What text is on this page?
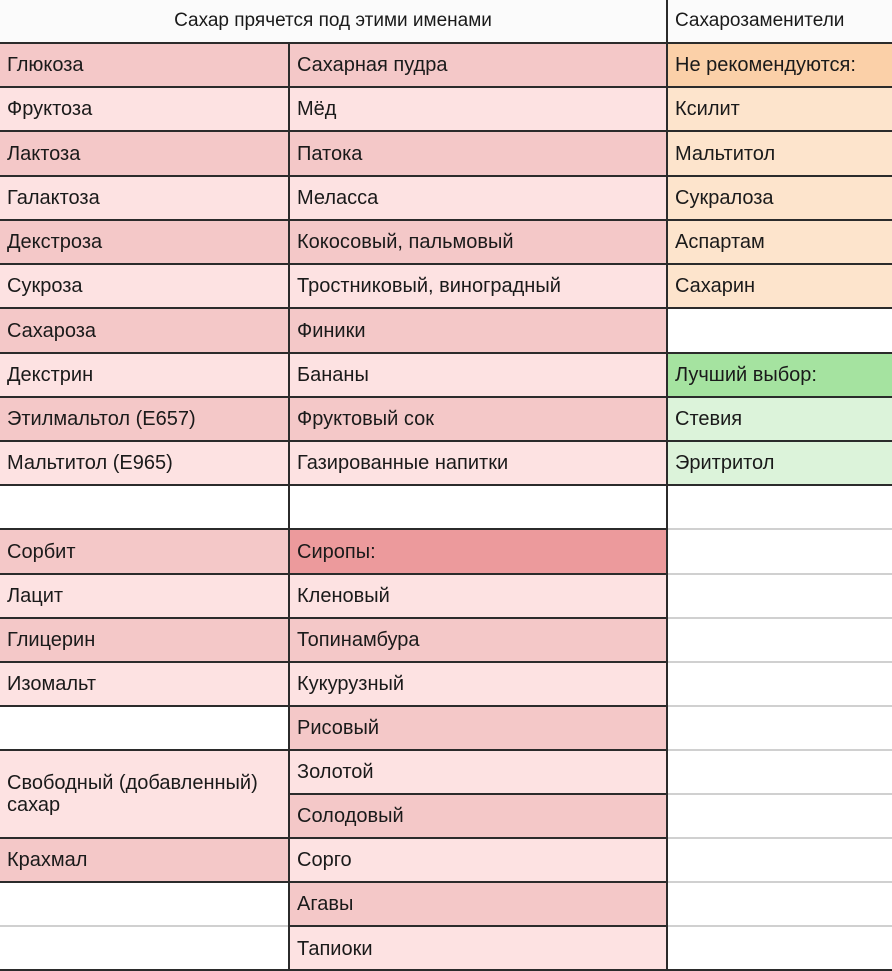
Сахар прячется под этими именами	Сахарозаменители
Глюкоза
Фруктоза
Лактоза
Галактоза
Декстроза
Сукроза
Сахароза
Декстрин
Этилмальтол (Е657)
Мальтитол (Е965)
Сорбит
Лацит
Глицерин
Изомальт
Свободный (добавленный) сахар
Крахмал
Сахарная пудра
Мёд
Патока
Меласса
Кокосовый, пальмовый
Тростниковый, виноградный
Финики
Бананы
Фруктовый сок
Газированные напитки
Сиропы:
Кленовый
Топинамбура
Кукурузный
Рисовый
Золотой
Солодовый
Сорго
Агавы
Тапиоки
Не рекомендуются:
Ксилит
Мальтитол
Сукралоза
Аспартам
Сахарин
Лучший выбор:
Стевия
Эритритол
